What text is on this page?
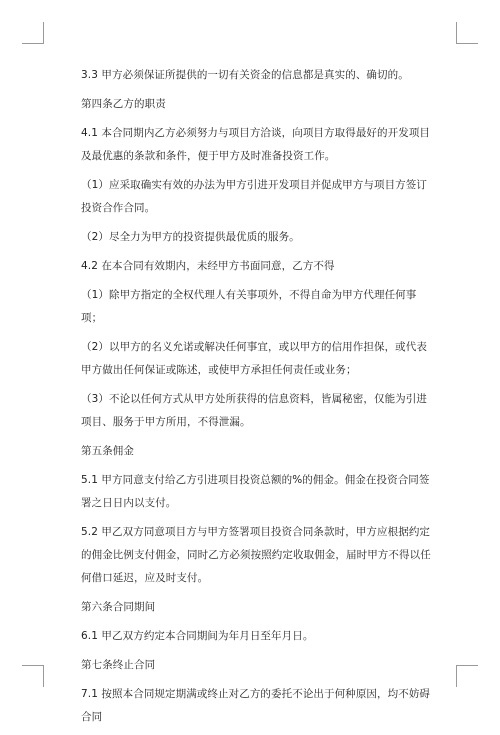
3.3 甲方必须保证所提供的一切有关资金的信息都是真实的、确切的。

第四条乙方的职责

4.1 本合同期内乙方必须努力与项目方洽谈，向项目方取得最好的开发项目及最优惠的条款和条件，便于甲方及时准备投资工作。

（1）应采取确实有效的办法为甲方引进开发项目并促成甲方与项目方签订投资合作合同。

（2）尽全力为甲方的投资提供最优质的服务。

4.2 在本合同有效期内，未经甲方书面同意，乙方不得

（1）除甲方指定的全权代理人有关事项外，不得自命为甲方代理任何事项；

（2）以甲方的名义允诺或解决任何事宜，或以甲方的信用作担保，或代表甲方做出任何保证或陈述，或使甲方承担任何责任或业务；

（3）不论以任何方式从甲方处所获得的信息资料，皆属秘密，仅能为引进项目、服务于甲方所用，不得泄漏。

第五条佣金

5.1 甲方同意支付给乙方引进项目投资总额的%的佣金。佣金在投资合同签署之日日内以支付。

5.2 甲乙双方同意项目方与甲方签署项目投资合同条款时，甲方应根据约定的佣金比例支付佣金，同时乙方必须按照约定收取佣金，届时甲方不得以任何借口延迟，应及时支付。

第六条合同期间

6.1 甲乙双方约定本合同期间为年月日至年月日。

第七条终止合同

7.1 按照本合同规定期满或终止对乙方的委托不论出于何种原因，均不妨碍合同
